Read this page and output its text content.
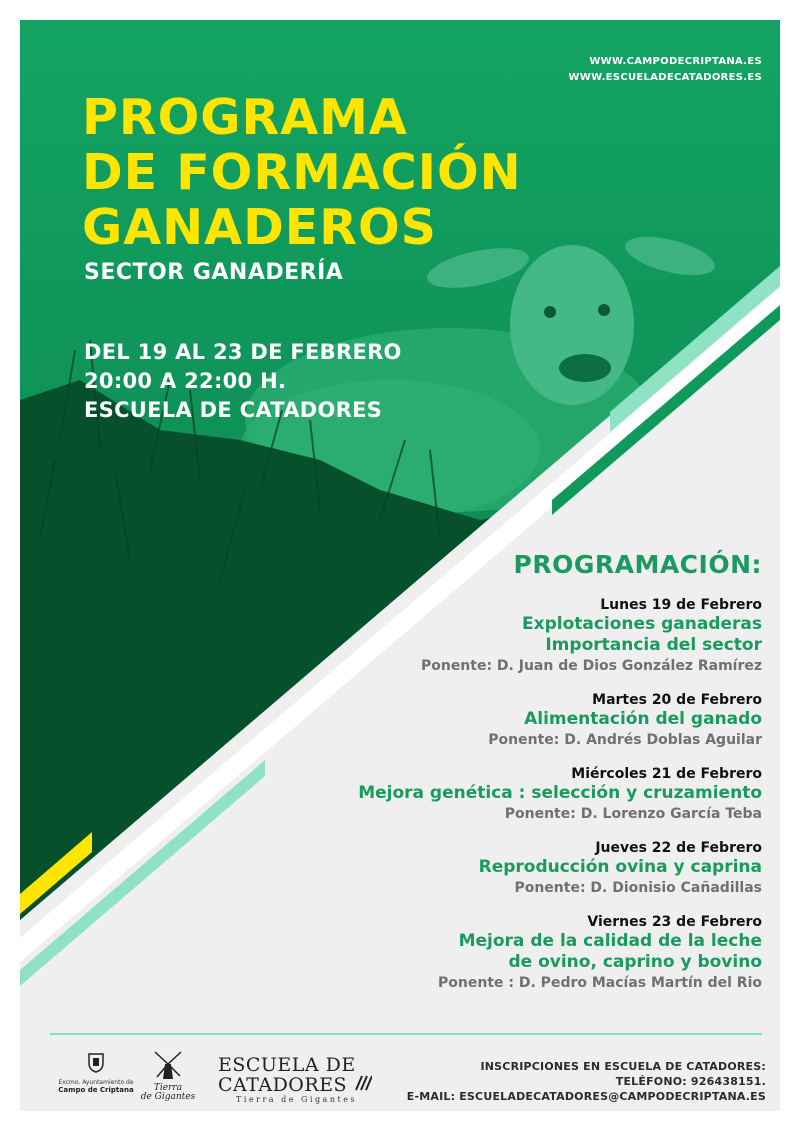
WWW.CAMPODECRIPTANA.ES
WWW.ESCUELADECATADORES.ES
PROGRAMA
DE FORMACIÓN
GANADEROS
SECTOR GANADERÍA
DEL 19 AL 23 DE FEBRERO
20:00 A 22:00 H.
ESCUELA DE CATADORES
PROGRAMACIÓN:
Lunes 19 de Febrero
Explotaciones ganaderas
Importancia del sector
Ponente: D. Juan de Dios González Ramírez
Martes 20 de Febrero
Alimentación del ganado
Ponente: D. Andrés Doblas Aguilar
Miércoles 21 de Febrero
Mejora genética : selección y cruzamiento
Ponente: D. Lorenzo García Teba
Jueves 22 de Febrero
Reproducción ovina y caprina
Ponente: D. Dionisio Cañadillas
Viernes 23 de Febrero
Mejora de la calidad de la leche
de ovino, caprino y bovino
Ponente : D. Pedro Macías Martín del Rio
Excmo. Ayuntamiento de
Campo de Criptana	Tierra
de Gigantes
ESCUELA DE
CATADORES
Tierra de Gigantes
INSCRIPCIONES EN ESCUELA DE CATADORES:
TELÉFONO: 926438151.
E-MAIL: ESCUELADECATADORES@CAMPODECRIPTANA.ES
